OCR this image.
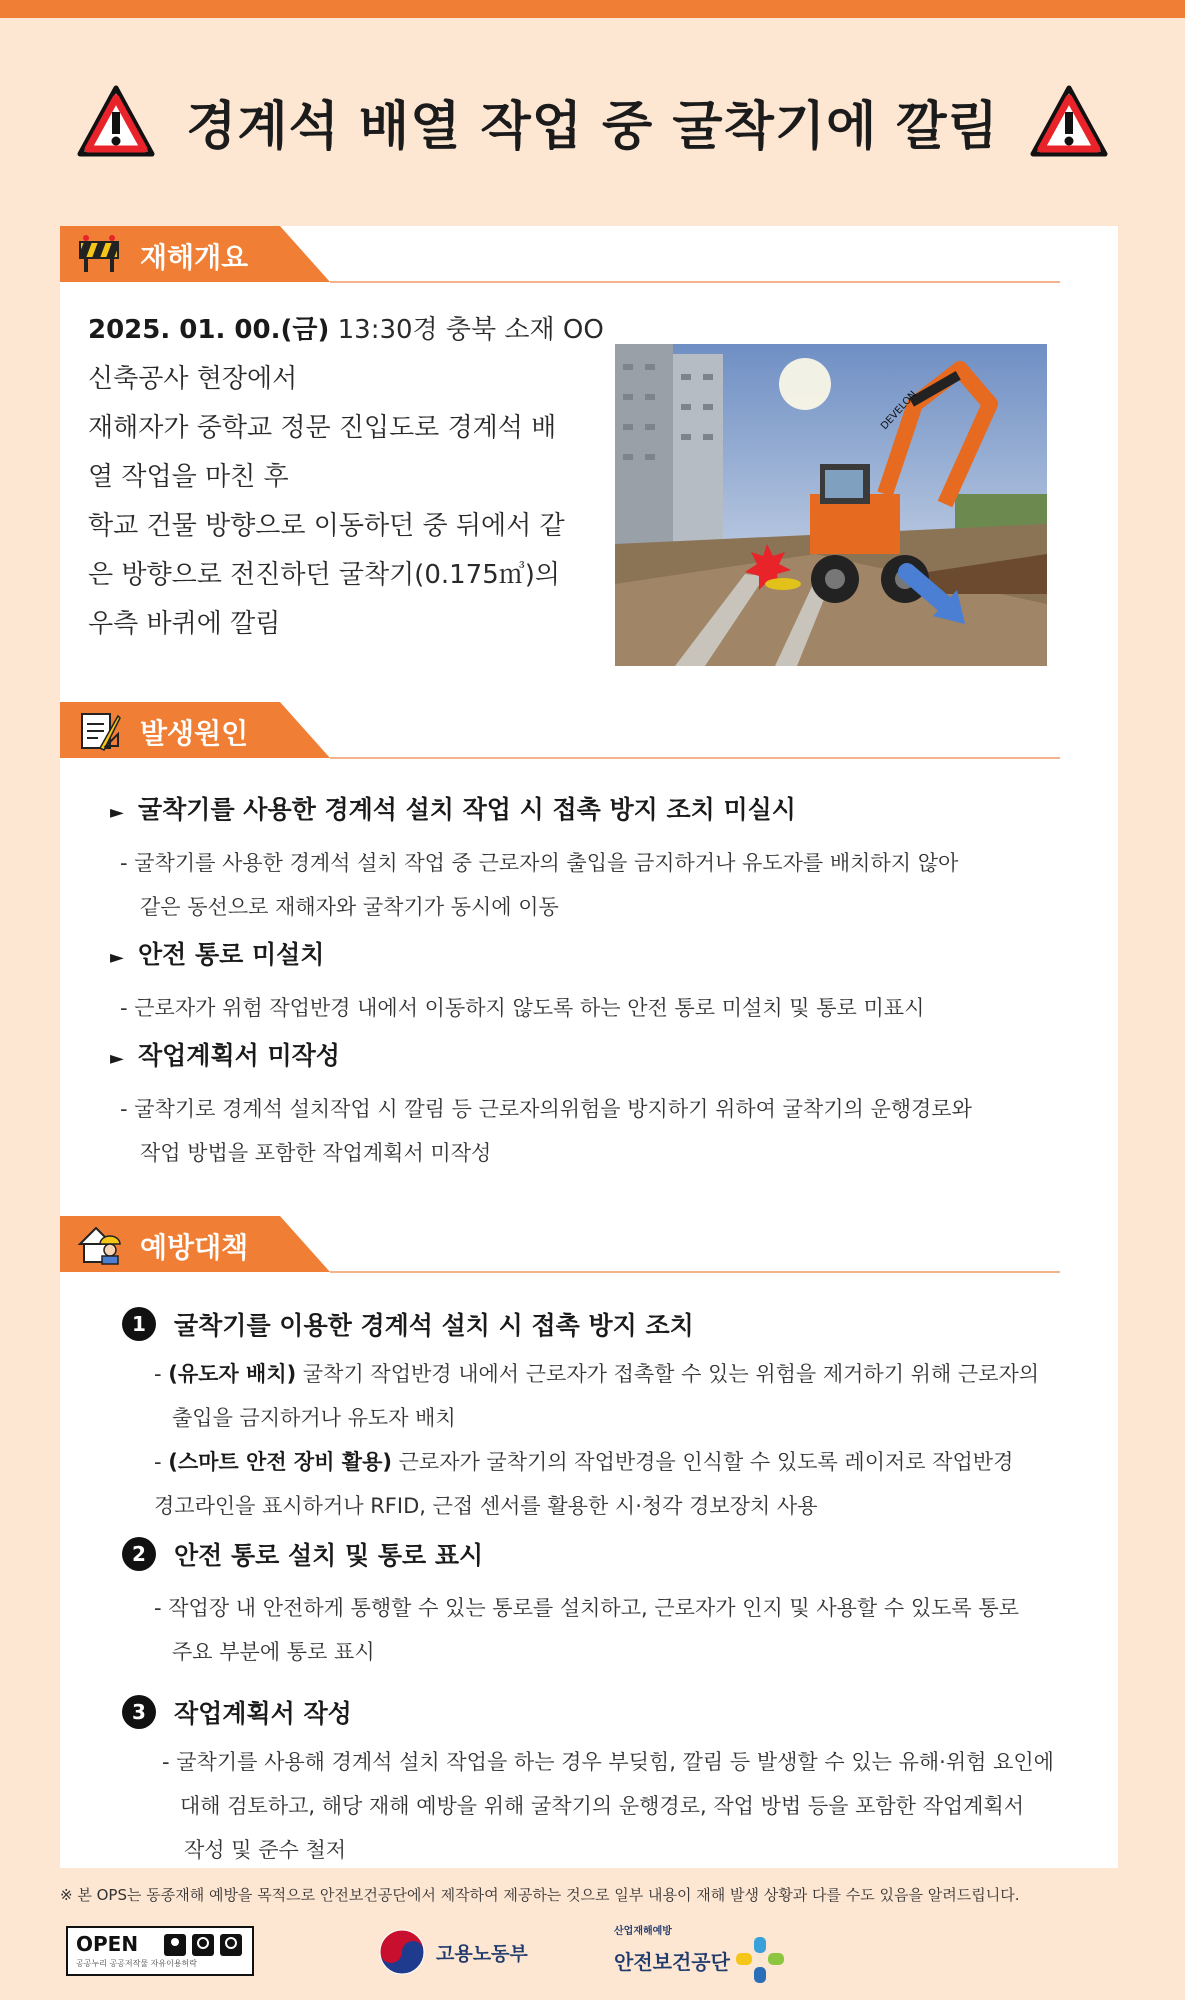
경계석 배열 작업 중 굴착기에 깔림
재해개요
2025. 01. 00.(금) 13:30경 충북 소재 OO
신축공사 현장에서
재해자가 중학교 정문 진입도로 경계석 배
열 작업을 마친 후
학교 건물 방향으로 이동하던 중 뒤에서 같
은 방향으로 전진하던 굴착기(0.175㎥)의
우측 바퀴에 깔림
DEVELON
발생원인
► 굴착기를 사용한 경계석 설치 작업 시 접촉 방지 조치 미실시
- 굴착기를 사용한 경계석 설치 작업 중 근로자의 출입을 금지하거나 유도자를 배치하지 않아
같은 동선으로 재해자와 굴착기가 동시에 이동
► 안전 통로 미설치
- 근로자가 위험 작업반경 내에서 이동하지 않도록 하는 안전 통로 미설치 및 통로 미표시
► 작업계획서 미작성
- 굴착기로 경계석 설치작업 시 깔림 등 근로자의위험을 방지하기 위하여 굴착기의 운행경로와
작업 방법을 포함한 작업계획서 미작성
예방대책
1	굴착기를 이용한 경계석 설치 시 접촉 방지 조치
- (유도자 배치) 굴착기 작업반경 내에서 근로자가 접촉할 수 있는 위험을 제거하기 위해 근로자의
출입을 금지하거나 유도자 배치
- (스마트 안전 장비 활용) 근로자가 굴착기의 작업반경을 인식할 수 있도록 레이저로 작업반경
경고라인을 표시하거나 RFID, 근접 센서를 활용한 시·청각 경보장치 사용
2	안전 통로 설치 및 통로 표시
- 작업장 내 안전하게 통행할 수 있는 통로를 설치하고, 근로자가 인지 및 사용할 수 있도록 통로
주요 부분에 통로 표시
3	작업계획서 작성
- 굴착기를 사용해 경계석 설치 작업을 하는 경우 부딪힘, 깔림 등 발생할 수 있는 유해·위험 요인에
대해 검토하고, 해당 재해 예방을 위해 굴착기의 운행경로, 작업 방법 등을 포함한 작업계획서
작성 및 준수 철저
※ 본 OPS는 동종재해 예방을 목적으로 안전보건공단에서 제작하여 제공하는 것으로 일부 내용이 재해 발생 상황과 다를 수도 있음을 알려드립니다.
OPEN
공공누리 공공저작물 자유이용허락	고용노동부
산업재해예방
안전보건공단
